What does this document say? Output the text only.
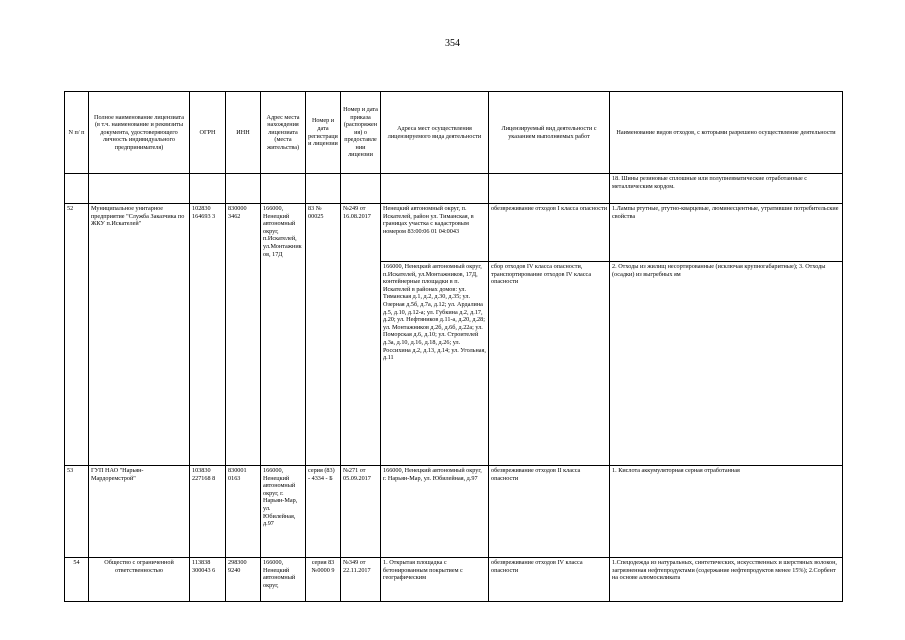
354
N п/ п	Полное наименование лицензиата (в т.ч. наименование и реквизиты документа, удостоверяющего личность индивидуального предпринимателя)	ОГРН	ИНН	Адрес места нахождения лицензиата (места жительства)	Номер и дата регистрации лицензии	Номер и дата приказа (распоряжения) о предоставлении лицензии	Адреса мест осуществления лицензируемого вида деятельности	Лицензируемый вид деятельности с указанием выполняемых работ	Наименование видов отходов, с которыми разрешено осуществление деятельности
									18. Шины резиновые сплошные или полупневматические отработанные с металлическим кордом.
52	Муниципальное унитарное предприятие "Служба Заказчика по ЖКУ п.Искателей"	102830 164693 3	830000 3462	166000, Ненецкий автономный округ, п.Искателей, ул.Монтажников, 17Д	83 № 00025	№249 от 16.08.2017	Ненецкий автономный округ, п. Искателей, район ул. Тиманская, в границах участка с кадастровым номером 83:00:06 01 04:0043	обезвреживание отходов I класса опасности	1.Лампы ртутные, ртутно-кварцевые, люминесцентные, утратившие потребительские свойства
							166000, Ненецкий автономный округ, п.Искателей, ул.Монтажников, 17Д, контейнерные площадки в п. Искателей в районах домов: ул. Тиманская д.1, д.2, д.30, д.35; ул. Озерная д.5б, д.7а, д.12; ул. Ардалина д.5, д.10, д.12-а; ул. Губкина д.2, д.17, д.20; ул. Нефтяников д.11-а, д.20, д.28; ул. Монтажников д.2б, д.6б, д.22а; ул. Поморская д.6, д.10; ул. Строителей д.3а, д.10, д.16, д.18, д.26; ул. Россихина д.2, д.13, д.14; ул. Угольная, д.11	сбор отходов IV класса опасности, транспортирование отходов IV класса опасности	2. Отходы из жилищ несортированные (исключая крупногабаритные); 3. Отходы (осадки) из выгребных ям
53	ГУП НАО "Нарьян-Мардоремстрой"	103830 227168 8	830001 0163	166000, Ненецкий автономный округ, г. Нарьян-Мар, ул. Юбилейная, д.97	серия (83) - 4334 - Б	№271 от 05.09.2017	166000, Ненецкий автономный округ, г. Нарьян-Мар, ул. Юбилейная, д.97	обезвреживание отходов II класса опасности	1. Кислота аккумуляторная серная отработанная
54	Общество с ограниченной ответственностью	113838 300043 6	298300 9240	166000, Ненецкий автономный округ,	серия 83 №0000 9	№349 от 22.11.2017	1. Открытая площадка с бетонированным покрытием с географическим	обезвреживание отходов IV класса опасности	1.Спецодежда из натуральных, синтетических, искусственных и шерстяных волокон, загрязненная нефтепродуктами (содержание нефтепродуктов менее 15%); 2.Сорбент на основе алюмосиликата
